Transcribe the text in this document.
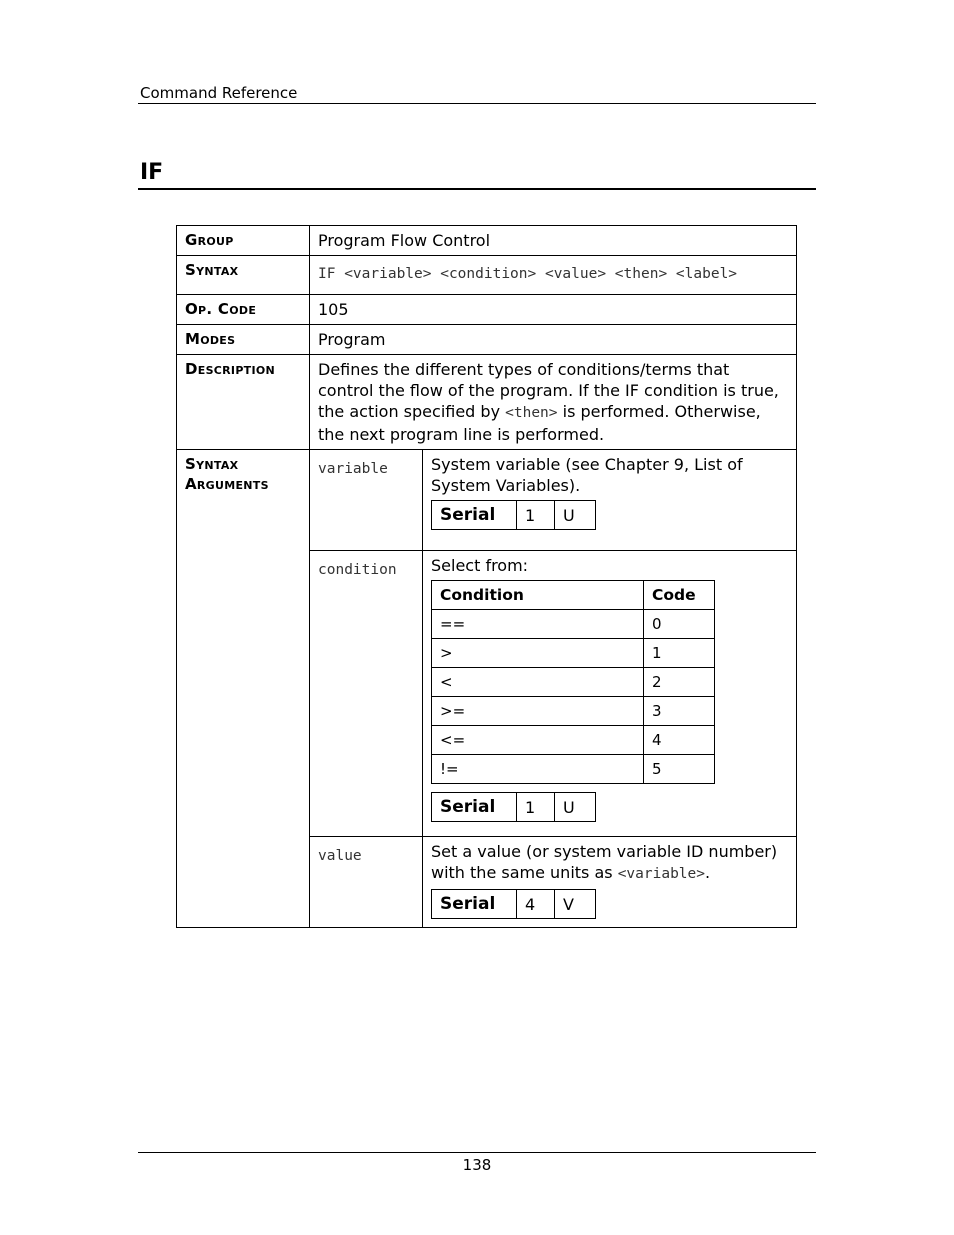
Command Reference
IF
Group	Program Flow Control
Syntax	IF <variable> <condition> <value> <then> <label>
Op. Code	105
Modes	Program
Description	Defines the different types of conditions/terms that control the flow of the program. If the IF condition is true, the action specified by <then> is performed. Otherwise, the next program line is performed.
Syntax Arguments	variable	System variable (see Chapter 9, List of System Variables).
Serial	1	U

condition	Select from:
Condition	Code
==	0
>	1
<	2
>=	3
<=	4
!=	5
Serial	1	U

value	Set a value (or system variable ID number) with the same units as <variable>.
Serial	4	V
138
